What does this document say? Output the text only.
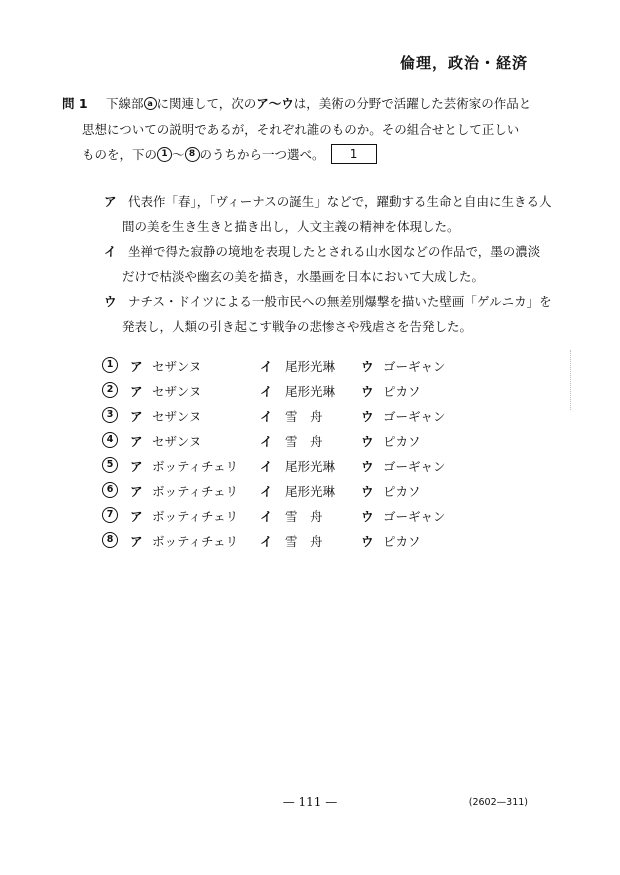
倫理，政治・経済
問 1 下線部 a に関連して，次のア～ウは，美術の分野で活躍した芸術家の作品と
思想についての説明であるが，それぞれ誰のものか。その組合せとして正しい
ものを，下の 1 ～ 8 のうちから一つ選べ。 1
ア 代表作「春」，「ヴィーナスの誕生」などで，躍動する生命と自由に生きる人
間の美を生き生きと描き出し，人文主義の精神を体現した。
イ 坐禅で得た寂静の境地を表現したとされる山水図などの作品で，墨の濃淡
だけで枯淡や幽玄の美を描き，水墨画を日本において大成した。
ウ ナチス・ドイツによる一般市民への無差別爆撃を描いた壁画「ゲルニカ」を
発表し，人類の引き起こす戦争の悲惨さや残虐さを告発した。
1	ア セザンヌ	イ 尾形光琳 ウ ゴーギャン
2	ア セザンヌ	イ 尾形光琳 ウ ピカソ
3	ア セザンヌ	イ 雪　舟	ウ ゴーギャン
4	ア セザンヌ	イ 雪　舟	ウ ピカソ
5	ア ボッティチェリ イ 尾形光琳 ウ ゴーギャン
6	ア ボッティチェリ イ 尾形光琳 ウ ピカソ
7	ア ボッティチェリ イ 雪　舟	ウ ゴーギャン
8	ア ボッティチェリ イ 雪　舟	ウ ピカソ
— 111 —	(2602—311)
